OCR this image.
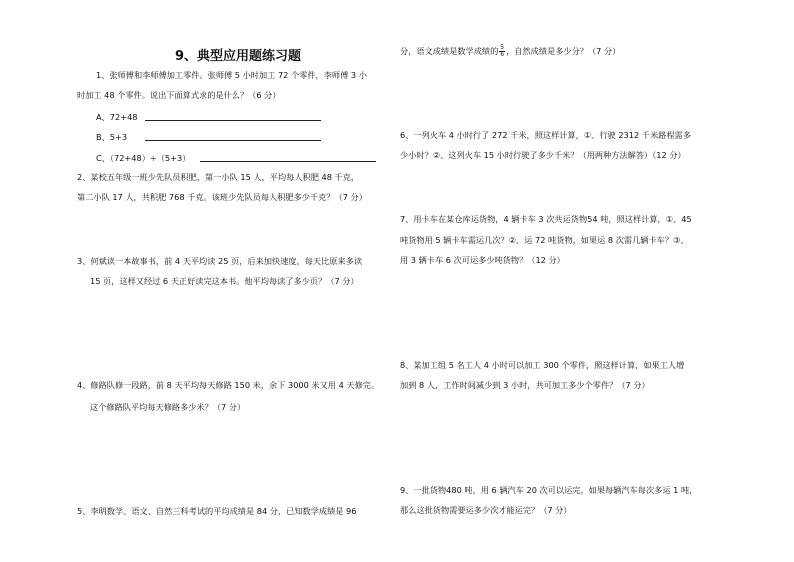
9、典型应用题练习题
1、张师傅和李师傅加工零件。张师傅 5 小时加工 72 个零件，李师傅 3 小
时加工 48 个零件。说出下面算式求的是什么？（6 分）
A、72+48
B、5+3
C、（72+48）÷（5+3）
2、某校五年级一班少先队员积肥，第一小队 15 人，平均每人积肥 48 千克，
第二小队 17 人，共积肥 768 千克。该班少先队员每人积肥多少千克？（7 分）
3、何斌读一本故事书，前 4 天平均读 25 页，后来加快速度，每天比原来多读
15 页，这样又经过 6 天正好读完这本书。他平均每读了多少页？（7 分）
4、修路队修一段路，前 8 天平均每天修路 150 米，余下 3000 米又用 4 天修完。
这个修路队平均每天修路多少米？（7 分）
5、李明数学、语文、自然三科考试的平均成绩是 84 分，已知数学成绩是 96
分，语文成绩是数学成绩的 $\frac{5}{6}$ ，自然成绩是多少分？（7 分）
6、一列火车 4 小时行了 272 千米，照这样计算，①、行驶 2312 千米路程需多
少小时？②、这列火车 15 小时行驶了多少千米？（用两种方法解答）（12 分）
7、用卡车在某仓库运货物，4 辆卡车 3 次共运货物54 吨，照这样计算，①、45
吨货物用 5 辆卡车需运几次？②、运 72 吨货物，如果运 8 次需几辆卡车？③、
用 3 辆卡车 6 次可运多少吨货物？（12 分）
8、某加工组 5 名工人 4 小时可以加工 300 个零件，照这样计算，如果工人增
加到 8 人，工作时间减少到 3 小时，共可加工多少个零件？（7 分）
9、一批货物480 吨，用 6 辆汽车 20 次可以运完，如果每辆汽车每次多运 1 吨，
那么这批货物需要运多少次才能运完？（7 分）
